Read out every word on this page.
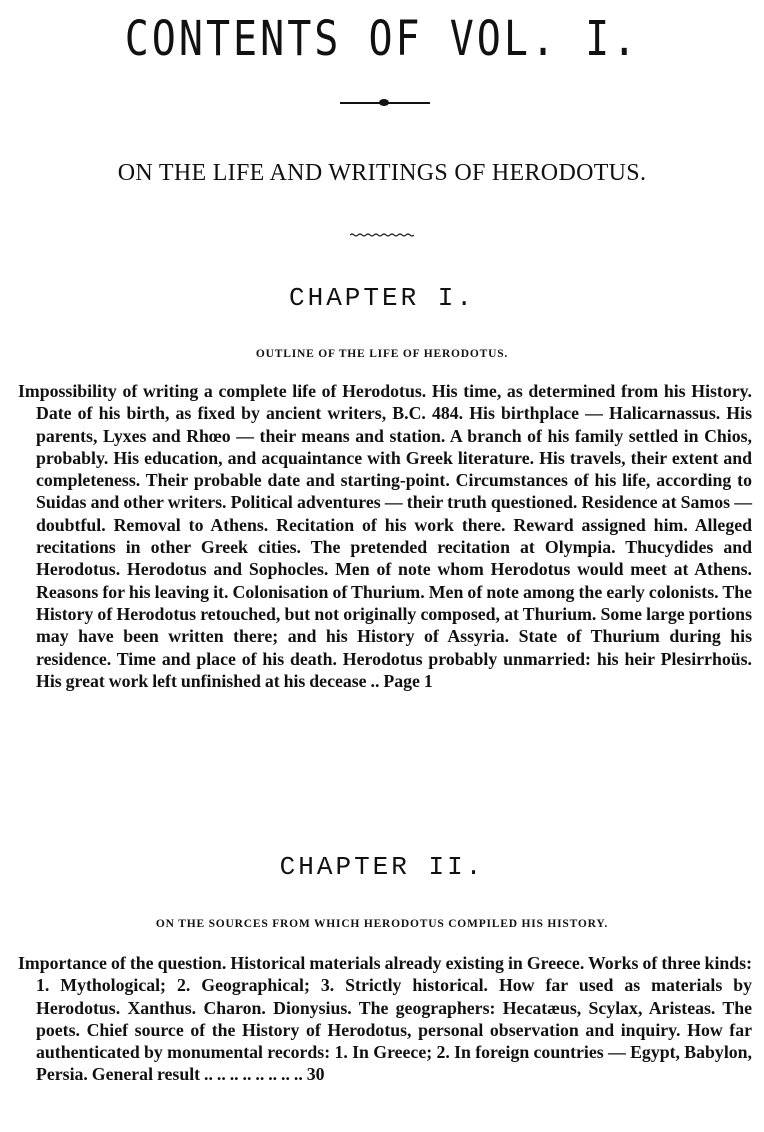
CONTENTS OF VOL. I.
ON THE LIFE AND WRITINGS OF HERODOTUS.
CHAPTER I.
OUTLINE OF THE LIFE OF HERODOTUS.
Impossibility of writing a complete life of Herodotus. His time, as determined from his History. Date of his birth, as fixed by ancient writers, B.C. 484. His birthplace — Halicarnassus. His parents, Lyxes and Rhœo — their means and station. A branch of his family settled in Chios, probably. His education, and acquaintance with Greek literature. His travels, their extent and completeness. Their probable date and starting-point. Circumstances of his life, according to Suidas and other writers. Political adventures — their truth questioned. Residence at Samos — doubtful. Removal to Athens. Recitation of his work there. Reward assigned him. Alleged recitations in other Greek cities. The pretended recitation at Olympia. Thucydides and Herodotus. Herodotus and Sophocles. Men of note whom Herodotus would meet at Athens. Reasons for his leaving it. Colonisation of Thurium. Men of note among the early colonists. The History of Herodotus retouched, but not originally composed, at Thurium. Some large portions may have been written there; and his History of Assyria. State of Thurium during his residence. Time and place of his death. Herodotus probably unmarried: his heir Plesirrhoüs. His great work left unfinished at his decease .. Page 1
CHAPTER II.
ON THE SOURCES FROM WHICH HERODOTUS COMPILED HIS HISTORY.
Importance of the question. Historical materials already existing in Greece. Works of three kinds: 1. Mythological; 2. Geographical; 3. Strictly historical. How far used as materials by Herodotus. Xanthus. Charon. Dionysius. The geographers: Hecatæus, Scylax, Aristeas. The poets. Chief source of the History of Herodotus, personal observation and inquiry. How far authenticated by monumental records: 1. In Greece; 2. In foreign countries — Egypt, Babylon, Persia. General result .. .. .. .. .. .. .. .. 30
